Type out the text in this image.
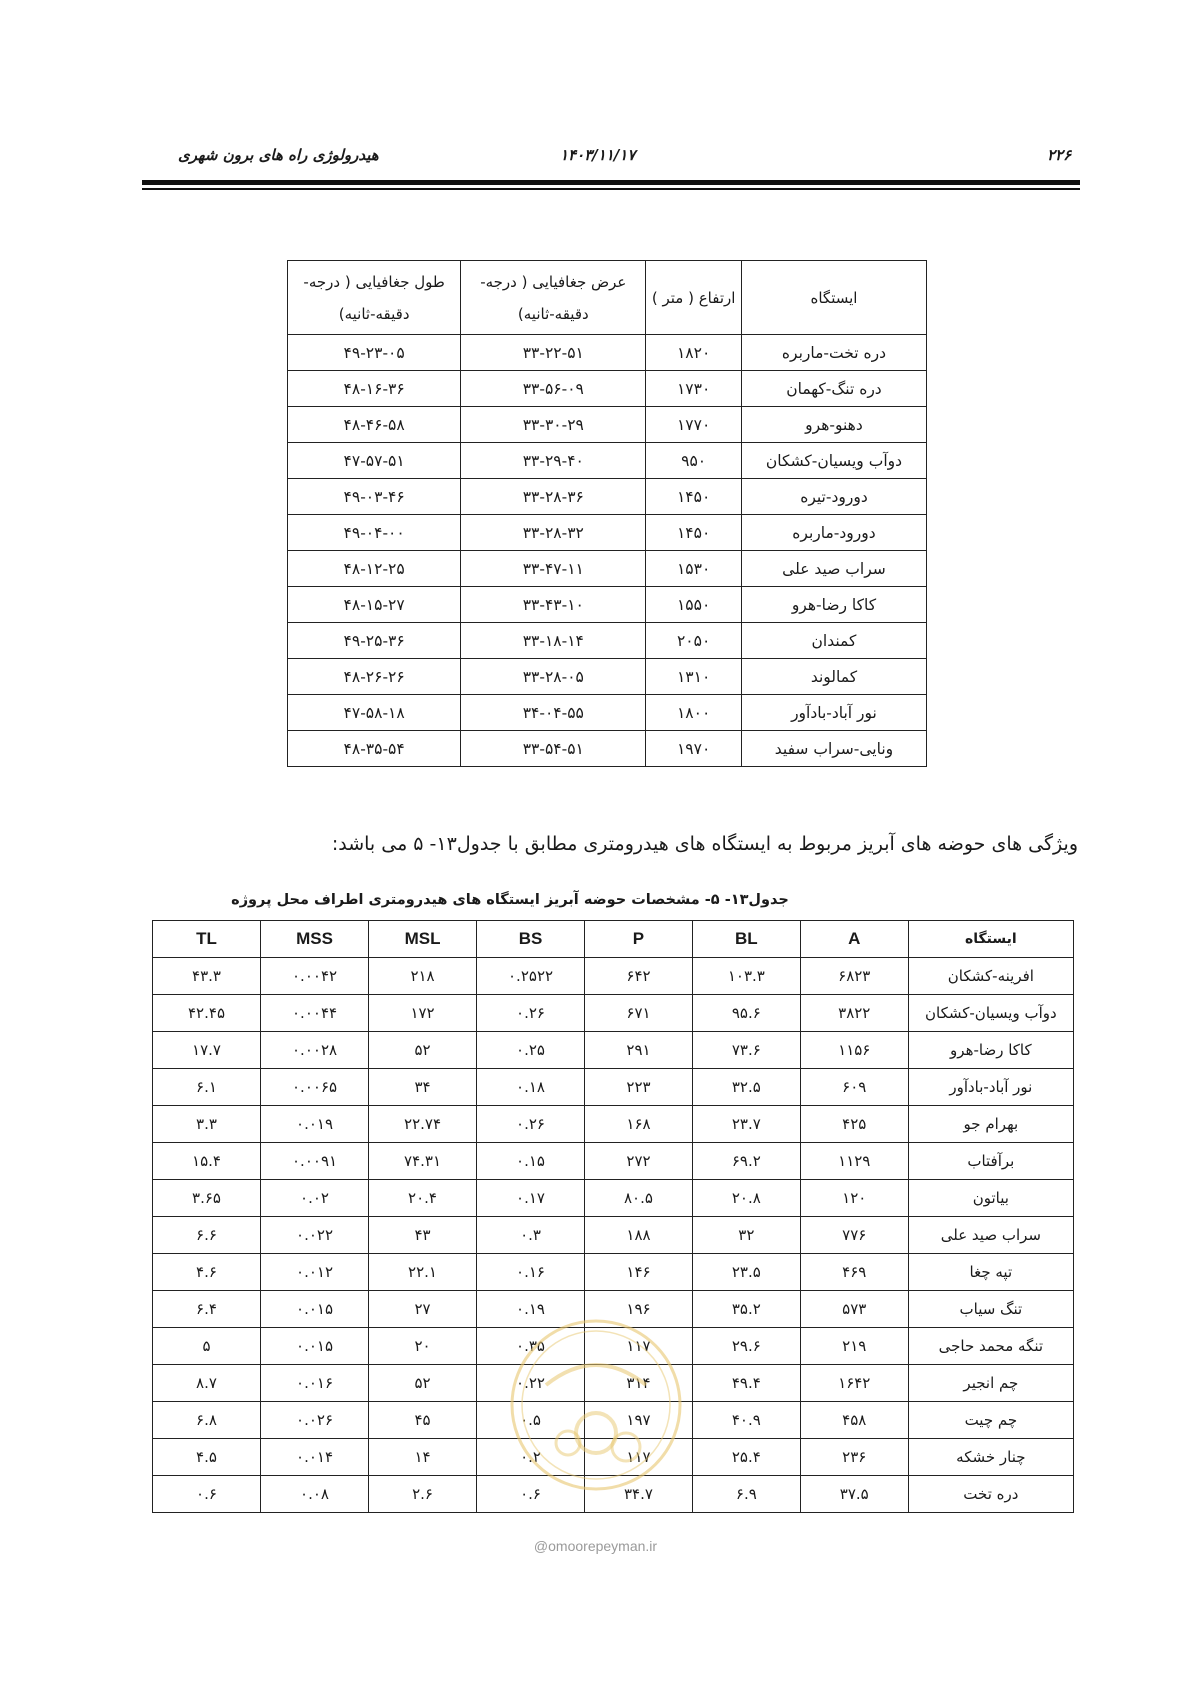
۲۲۶
۱۴۰۳/۱۱/۱۷
هیدرولوژی راه های برون شهری
ایستگاه	ارتفاع ( متر )	عرض جغافیایی ( درجه-دقیقه-ثانیه)	طول جغافیایی ( درجه-دقیقه-ثانیه)
دره تخت-ماربره	۱۸۲۰	۳۳-۲۲-۵۱	۴۹-۲۳-۰۵
دره تنگ-کهمان	۱۷۳۰	۳۳-۵۶-۰۹	۴۸-۱۶-۳۶
دهنو-هرو	۱۷۷۰	۳۳-۳۰-۲۹	۴۸-۴۶-۵۸
دوآب ویسیان-کشکان	۹۵۰	۳۳-۲۹-۴۰	۴۷-۵۷-۵۱
دورود-تیره	۱۴۵۰	۳۳-۲۸-۳۶	۴۹-۰۳-۴۶
دورود-ماربره	۱۴۵۰	۳۳-۲۸-۳۲	۴۹-۰۴-۰۰
سراب صید علی	۱۵۳۰	۳۳-۴۷-۱۱	۴۸-۱۲-۲۵
کاکا رضا-هرو	۱۵۵۰	۳۳-۴۳-۱۰	۴۸-۱۵-۲۷
کمندان	۲۰۵۰	۳۳-۱۸-۱۴	۴۹-۲۵-۳۶
کمالوند	۱۳۱۰	۳۳-۲۸-۰۵	۴۸-۲۶-۲۶
نور آباد-بادآور	۱۸۰۰	۳۴-۰۴-۵۵	۴۷-۵۸-۱۸
ونایی-سراب سفید	۱۹۷۰	۳۳-۵۴-۵۱	۴۸-۳۵-۵۴
ویژگی های حوضه های آبریز مربوط به ایستگاه های هیدرومتری مطابق با جدول۱۳- ۵ می باشد:
جدول۱۳- ۵- مشخصات حوضه آبریز ایستگاه های هیدرومتری اطراف محل پروژه
ایستگاه	A	BL	P	BS	MSL	MSS	TL
افرینه-کشکان	۶۸۲۳	۱۰۳.۳	۶۴۲	۰.۲۵۲۲	۲۱۸	۰.۰۰۴۲	۴۳.۳
دوآب ویسیان-کشکان	۳۸۲۲	۹۵.۶	۶۷۱	۰.۲۶	۱۷۲	۰.۰۰۴۴	۴۲.۴۵
کاکا رضا-هرو	۱۱۵۶	۷۳.۶	۲۹۱	۰.۲۵	۵۲	۰.۰۰۲۸	۱۷.۷
نور آباد-بادآور	۶۰۹	۳۲.۵	۲۲۳	۰.۱۸	۳۴	۰.۰۰۶۵	۶.۱
بهرام جو	۴۲۵	۲۳.۷	۱۶۸	۰.۲۶	۲۲.۷۴	۰.۰۱۹	۳.۳
برآفتاب	۱۱۲۹	۶۹.۲	۲۷۲	۰.۱۵	۷۴.۳۱	۰.۰۰۹۱	۱۵.۴
بیاتون	۱۲۰	۲۰.۸	۸۰.۵	۰.۱۷	۲۰.۴	۰.۰۲	۳.۶۵
سراب صید علی	۷۷۶	۳۲	۱۸۸	۰.۳	۴۳	۰.۰۲۲	۶.۶
تپه چغا	۴۶۹	۲۳.۵	۱۴۶	۰.۱۶	۲۲.۱	۰.۰۱۲	۴.۶
تنگ سیاب	۵۷۳	۳۵.۲	۱۹۶	۰.۱۹	۲۷	۰.۰۱۵	۶.۴
تنگه محمد حاجی	۲۱۹	۲۹.۶	۱۱۷	۰.۳۵	۲۰	۰.۰۱۵	۵
چم انجیر	۱۶۴۲	۴۹.۴	۳۱۴	۰.۲۲	۵۲	۰.۰۱۶	۸.۷
چم چیت	۴۵۸	۴۰.۹	۱۹۷	۰.۵	۴۵	۰.۰۲۶	۶.۸
چنار خشکه	۲۳۶	۲۵.۴	۱۱۷	۰.۲	۱۴	۰.۰۱۴	۴.۵
دره تخت	۳۷.۵	۶.۹	۳۴.۷	۰.۶	۲.۶	۰.۰۸	۰.۶
@omoorepeyman.ir
